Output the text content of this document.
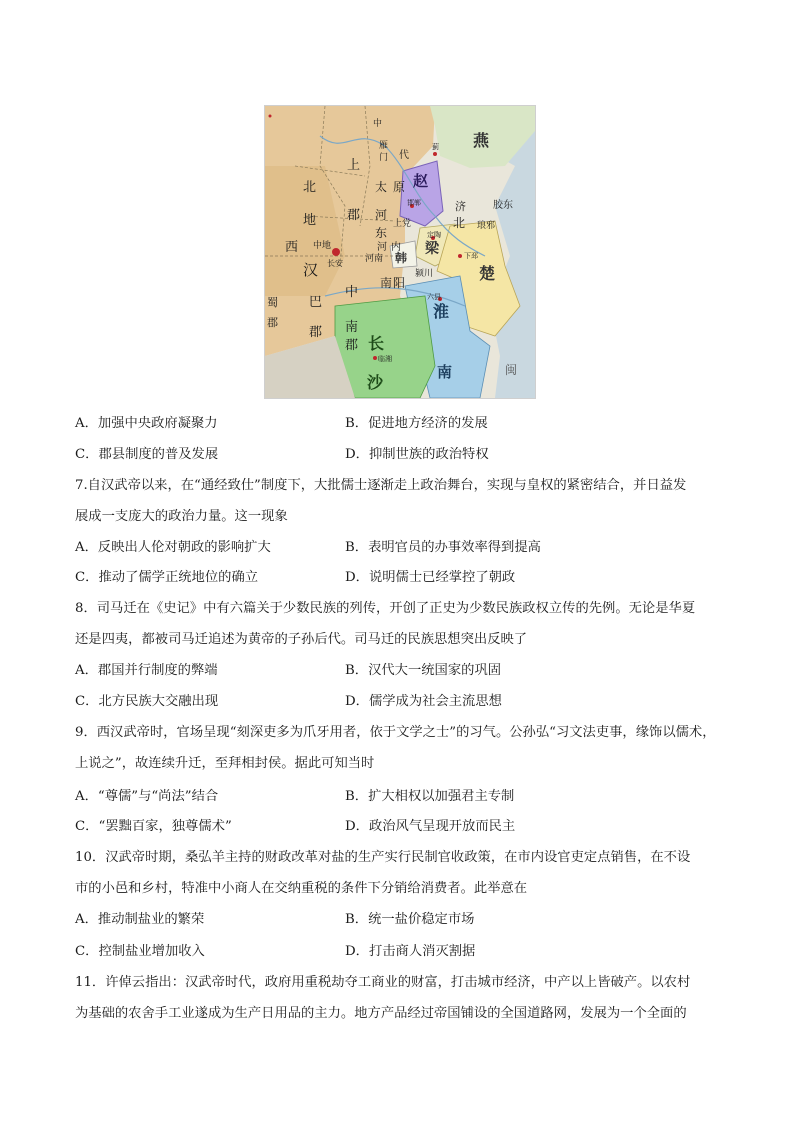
燕
赵
梁
韩
楚
淮
南
长
沙
闽
北
地
上
郡
太 原
河
东
西
汉
巴
中
南 阳
郡
蜀
郡
济
北
胶东
琅邪
河南
中地
雁
门 代
上党
南
郡
中
河 内
颍川
长安
下邳
六县
临湘
邯郸
蓟
定陶
A．加强中央政府凝聚力	B．促进地方经济的发展
C．郡县制度的普及发展	D．抑制世族的政治特权
7.自汉武帝以来，在“通经致仕”制度下，大批儒士逐渐走上政治舞台，实现与皇权的紧密结合，并日益发
展成一支庞大的政治力量。这一现象
A．反映出人伦对朝政的影响扩大	B．表明官员的办事效率得到提高
C．推动了儒学正统地位的确立	D．说明儒士已经掌控了朝政
8．司马迁在《史记》中有六篇关于少数民族的列传，开创了正史为少数民族政权立传的先例。无论是华夏
还是四夷，都被司马迁追述为黄帝的子孙后代。司马迁的民族思想突出反映了
A．郡国并行制度的弊端	B．汉代大一统国家的巩固
C．北方民族大交融出现	D．儒学成为社会主流思想
9．西汉武帝时，官场呈现“刻深吏多为爪牙用者，依于文学之士”的习气。公孙弘“习文法吏事，缘饰以儒术，
上说之”，故连续升迁，至拜相封侯。据此可知当时
A．“尊儒”与“尚法”结合	B．扩大相权以加强君主专制
C．“罢黜百家，独尊儒术”	D．政治风气呈现开放而民主
10．汉武帝时期，桑弘羊主持的财政改革对盐的生产实行民制官收政策，在市内设官吏定点销售，在不设
市的小邑和乡村，特准中小商人在交纳重税的条件下分销给消费者。此举意在
A．推动制盐业的繁荣	B．统一盐价稳定市场
C．控制盐业增加收入	D．打击商人消灭割据
11．许倬云指出：汉武帝时代，政府用重税劫夺工商业的财富，打击城市经济，中产以上皆破产。以农村
为基础的农舍手工业遂成为生产日用品的主力。地方产品经过帝国铺设的全国道路网，发展为一个全面的
